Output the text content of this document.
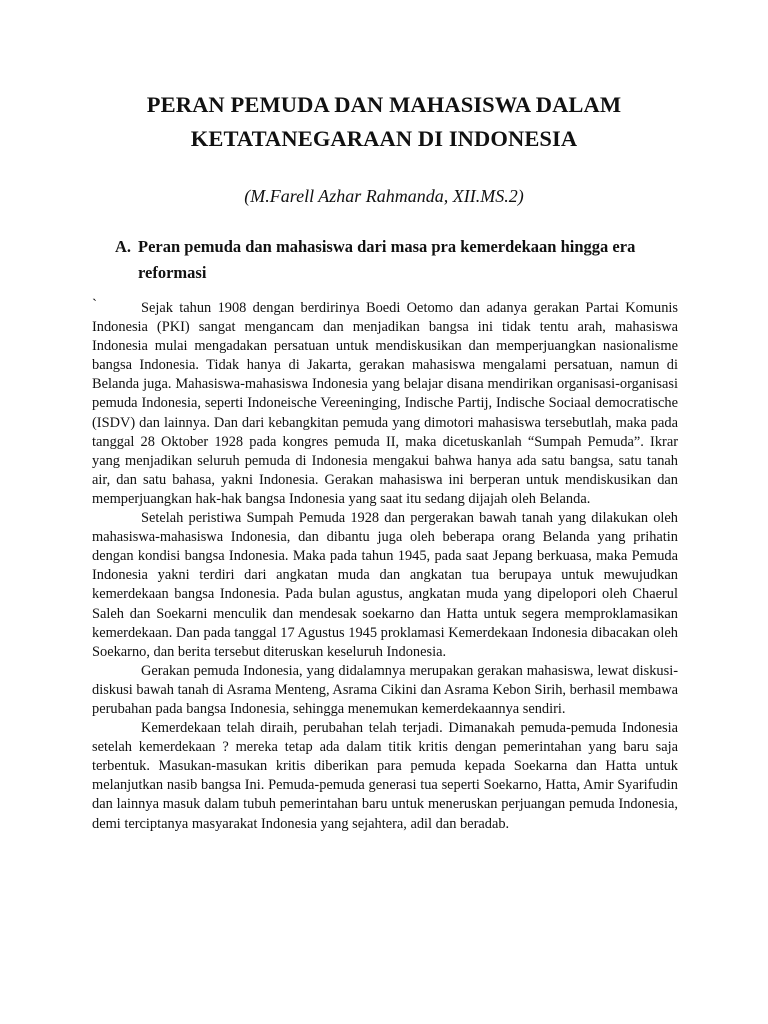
PERAN PEMUDA DAN MAHASISWA DALAM
KETATANEGARAAN DI INDONESIA
(M.Farell Azhar Rahmanda, XII.MS.2)
A. Peran pemuda dan mahasiswa dari masa pra kemerdekaan hingga era reformasi
`	Sejak tahun 1908 dengan berdirinya Boedi Oetomo dan adanya gerakan Partai Komunis Indonesia (PKI) sangat mengancam dan menjadikan bangsa ini tidak tentu arah, mahasiswa Indonesia mulai mengadakan persatuan untuk mendiskusikan dan memperjuangkan nasionalisme bangsa Indonesia. Tidak hanya di Jakarta, gerakan mahasiswa mengalami persatuan, namun di Belanda juga. Mahasiswa-mahasiswa Indonesia yang belajar disana mendirikan organisasi-organisasi pemuda Indonesia, seperti Indoneische Vereeninging, Indische Partij, Indische Sociaal democratische (ISDV) dan lainnya. Dan dari kebangkitan pemuda yang dimotori mahasiswa tersebutlah, maka pada tanggal 28 Oktober 1928 pada kongres pemuda II, maka dicetuskanlah “Sumpah Pemuda”. Ikrar yang menjadikan seluruh pemuda di Indonesia mengakui bahwa hanya ada satu bangsa, satu tanah air, dan satu bahasa, yakni Indonesia. Gerakan mahasiswa ini berperan untuk mendiskusikan dan memperjuangkan hak-hak bangsa Indonesia yang saat itu sedang dijajah oleh Belanda.

Setelah peristiwa Sumpah Pemuda 1928 dan pergerakan bawah tanah yang dilakukan oleh mahasiswa-mahasiswa Indonesia, dan dibantu juga oleh beberapa orang Belanda yang prihatin dengan kondisi bangsa Indonesia. Maka pada tahun 1945, pada saat Jepang berkuasa, maka Pemuda Indonesia yakni terdiri dari angkatan muda dan angkatan tua berupaya untuk mewujudkan kemerdekaan bangsa Indonesia. Pada bulan agustus, angkatan muda yang dipelopori oleh Chaerul Saleh dan Soekarni menculik dan mendesak soekarno dan Hatta untuk segera memproklamasikan kemerdekaan. Dan pada tanggal 17 Agustus 1945 proklamasi Kemerdekaan Indonesia dibacakan oleh Soekarno, dan berita tersebut diteruskan keseluruh Indonesia.

Gerakan pemuda Indonesia, yang didalamnya merupakan gerakan mahasiswa, lewat diskusi-diskusi bawah tanah di Asrama Menteng, Asrama Cikini dan Asrama Kebon Sirih, berhasil membawa perubahan pada bangsa Indonesia, sehingga menemukan kemerdekaannya sendiri.

Kemerdekaan telah diraih, perubahan telah terjadi. Dimanakah pemuda-pemuda Indonesia setelah kemerdekaan ? mereka tetap ada dalam titik kritis dengan pemerintahan yang baru saja terbentuk. Masukan-masukan kritis diberikan para pemuda kepada Soekarna dan Hatta untuk melanjutkan nasib bangsa Ini. Pemuda-pemuda generasi tua seperti Soekarno, Hatta, Amir Syarifudin dan lainnya masuk dalam tubuh pemerintahan baru untuk meneruskan perjuangan pemuda Indonesia, demi terciptanya masyarakat Indonesia yang sejahtera, adil dan beradab.
